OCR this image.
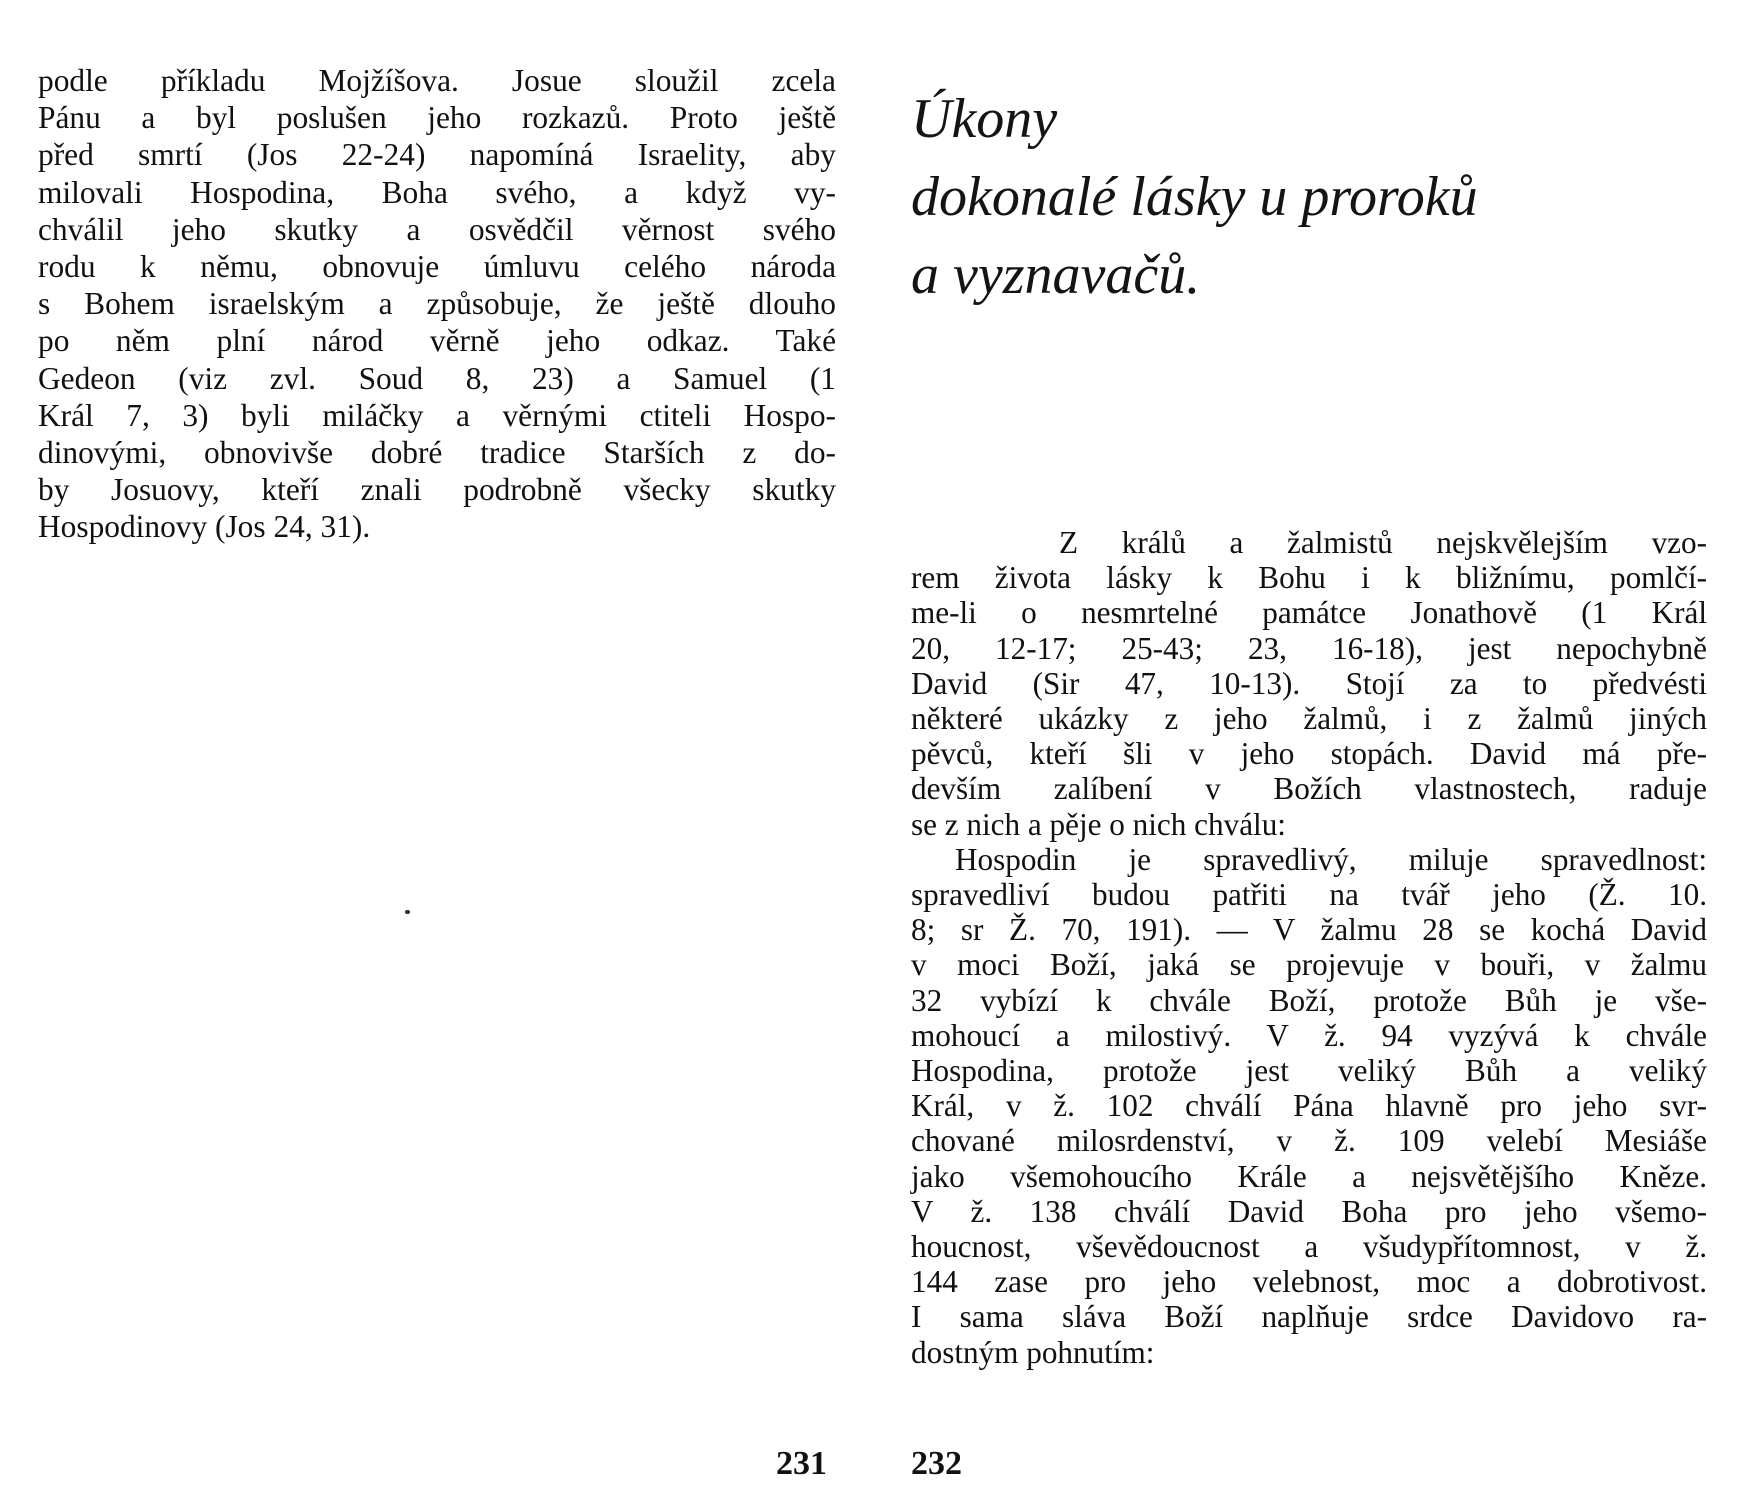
podle příkladu Mojžíšova. Josue sloužil zcela
Pánu a byl poslušen jeho rozkazů. Proto ještě
před smrtí (Jos 22-24) napomíná Israelity, aby
milovali Hospodina, Boha svého, a když vy-
chválil jeho skutky a osvědčil věrnost svého
rodu k němu, obnovuje úmluvu celého národa
s Bohem israelským a způsobuje, že ještě dlouho
po něm plní národ věrně jeho odkaz. Také
Gedeon (viz zvl. Soud 8, 23) a Samuel (1
Král 7, 3) byli miláčky a věrnými ctiteli Hospo-
dinovými, obnovivše dobré tradice Starších z do-
by Josuovy, kteří znali podrobně všecky skutky
Hospodinovy (Jos 24, 31).
231
Úkony
dokonalé lásky u proroků
a vyznavačů.
Z králů a žalmistů nejskvělejším vzo-
rem života lásky k Bohu i k bližnímu, pomlčí-
me-li o nesmrtelné památce Jonathově (1 Král
20, 12-17; 25-43; 23, 16-18), jest nepochybně
David (Sir 47, 10-13). Stojí za to předvésti
některé ukázky z jeho žalmů, i z žalmů jiných
pěvců, kteří šli v jeho stopách. David má pře-
devším zalíbení v Božích vlastnostech, raduje
se z nich a pěje o nich chválu:
Hospodin je spravedlivý, miluje spravedlnost:
spravedliví budou patřiti na tvář jeho (Ž. 10.
8; sr Ž. 70, 191). — V žalmu 28 se kochá David
v moci Boží, jaká se projevuje v bouři, v žalmu
32 vybízí k chvále Boží, protože Bůh je vše-
mohoucí a milostivý. V ž. 94 vyzývá k chvále
Hospodina, protože jest veliký Bůh a veliký
Král, v ž. 102 chválí Pána hlavně pro jeho svr-
chované milosrdenství, v ž. 109 velebí Mesiáše
jako všemohoucího Krále a nejsvětějšího Kněze.
V ž. 138 chválí David Boha pro jeho všemo-
houcnost, vševědoucnost a všudypřítomnost, v ž.
144 zase pro jeho velebnost, moc a dobrotivost.
I sama sláva Boží naplňuje srdce Davidovo ra-
dostným pohnutím:
232
